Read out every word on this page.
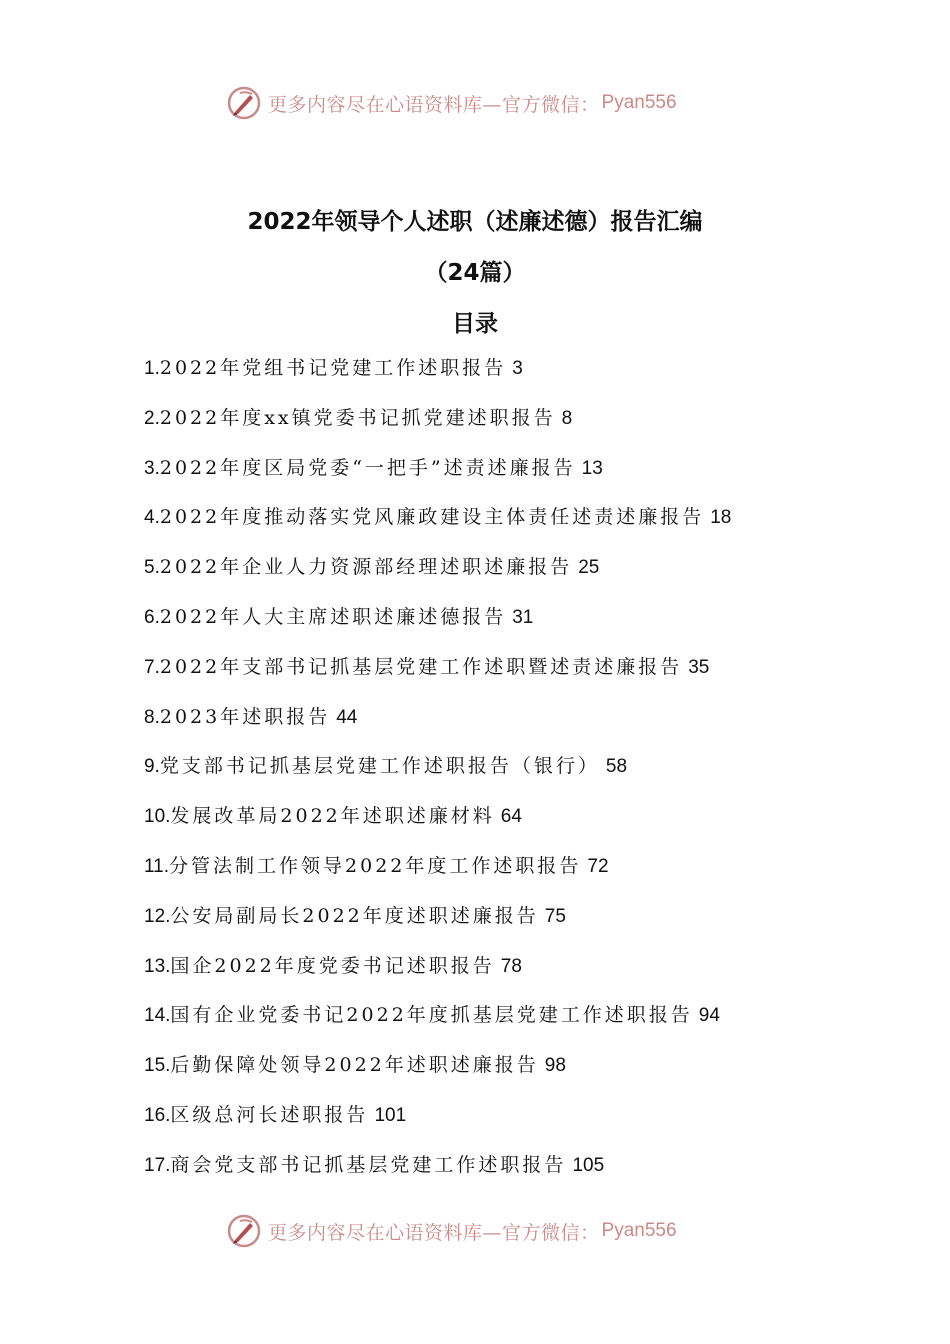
更多内容尽在心语资料库—官方微信： Pyan556
2022年领导个人述职（述廉述德）报告汇编
（24篇）
目录
1.2022年党组书记党建工作述职报告 3
2.2022年度xx镇党委书记抓党建述职报告 8
3.2022年度区局党委“一把手”述责述廉报告 13
4.2022年度推动落实党风廉政建设主体责任述责述廉报告 18
5.2022年企业人力资源部经理述职述廉报告 25
6.2022年人大主席述职述廉述德报告 31
7.2022年支部书记抓基层党建工作述职暨述责述廉报告 35
8.2023年述职报告 44
9.党支部书记抓基层党建工作述职报告（银行） 58
10.发展改革局2022年述职述廉材料 64
11.分管法制工作领导2022年度工作述职报告 72
12.公安局副局长2022年度述职述廉报告 75
13.国企2022年度党委书记述职报告 78
14.国有企业党委书记2022年度抓基层党建工作述职报告 94
15.后勤保障处领导2022年述职述廉报告 98
16.区级总河长述职报告 101
17.商会党支部书记抓基层党建工作述职报告 105
更多内容尽在心语资料库—官方微信： Pyan556
